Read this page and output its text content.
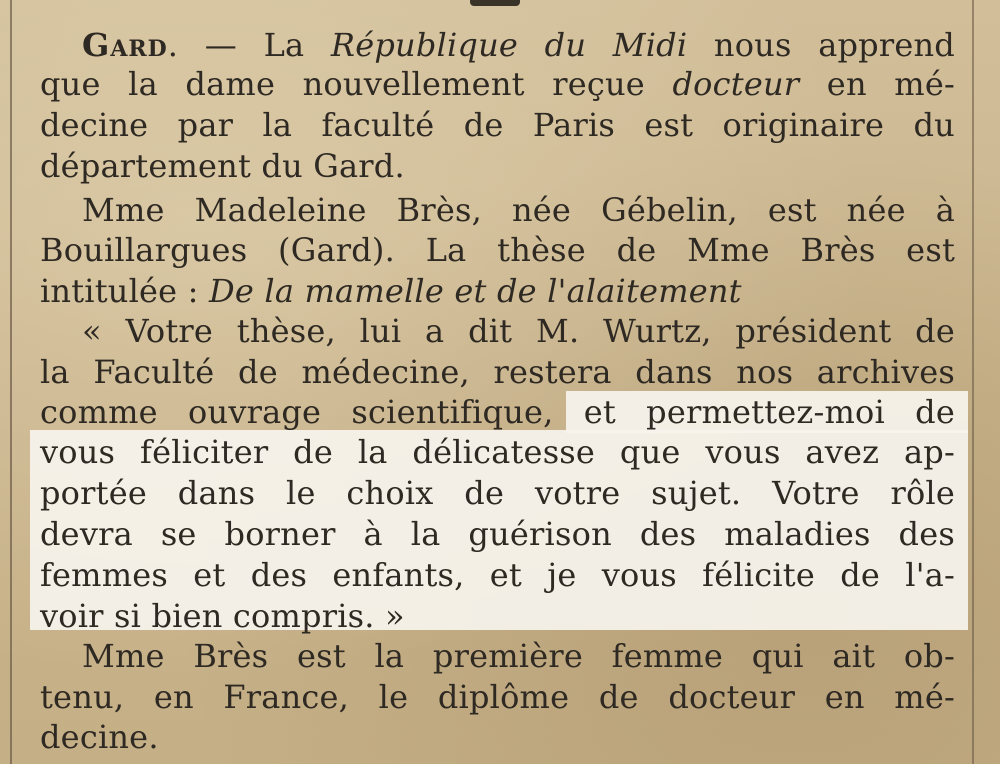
Gard. — La République du Midi nous apprend
que la dame nouvellement reçue docteur en mé-
decine par la faculté de Paris est originaire du
département du Gard.
Mme Madeleine Brès, née Gébelin, est née à
Bouillargues (Gard). La thèse de Mme Brès est
intitulée : De la mamelle et de l'alaitement
« Votre thèse, lui a dit M. Wurtz, président de
la Faculté de médecine, restera dans nos archives
comme ouvrage scientifique, et permettez-moi de
vous féliciter de la délicatesse que vous avez ap-
portée dans le choix de votre sujet. Votre rôle
devra se borner à la guérison des maladies des
femmes et des enfants, et je vous félicite de l'a-
voir si bien compris. »
Mme Brès est la première femme qui ait ob-
tenu, en France, le diplôme de docteur en mé-
decine.
